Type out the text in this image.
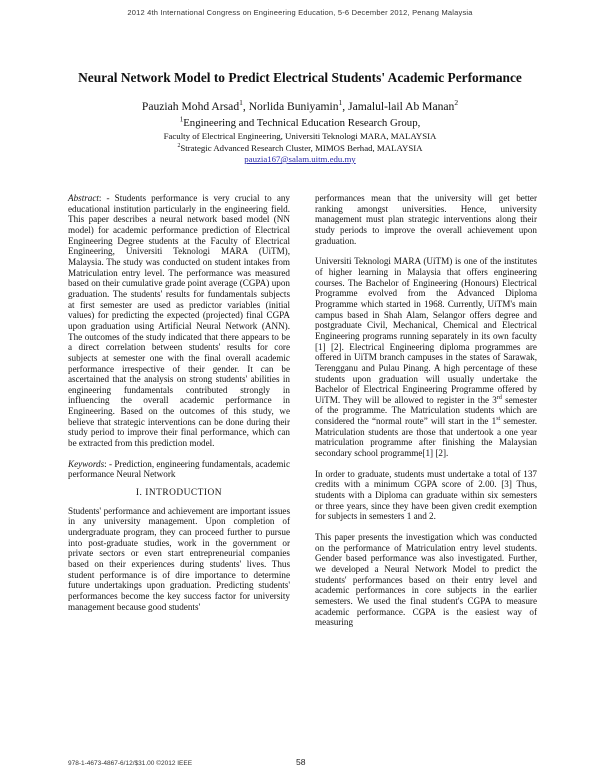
2012 4th International Congress on Engineering Education, 5-6 December 2012, Penang Malaysia
Neural Network Model to Predict Electrical Students' Academic Performance
Pauziah Mohd Arsad$^1$, Norlida Buniyamin$^1$, Jamalul-lail Ab Manan$^2$
$^1$Engineering and Technical Education Research Group,
Faculty of Electrical Engineering, Universiti Teknologi MARA, MALAYSIA
$^2$Strategic Advanced Research Cluster, MIMOS Berhad, MALAYSIA
pauzia167@salam.uitm.edu.my

Abstract: - Students performance is very crucial to any educational institution particularly in the engineering field. This paper describes a neural network based model (NN model) for academic performance prediction of Electrical Engineering Degree students at the Faculty of Electrical Engineering, Universiti Teknologi MARA (UiTM), Malaysia. The study was conducted on student intakes from Matriculation entry level. The performance was measured based on their cumulative grade point average (CGPA) upon graduation. The students' results for fundamentals subjects at first semester are used as predictor variables (initial values) for predicting the expected (projected) final CGPA upon graduation using Artificial Neural Network (ANN). The outcomes of the study indicated that there appears to be a direct correlation between students' results for core subjects at semester one with the final overall academic performance irrespective of their gender. It can be ascertained that the analysis on strong students' abilities in engineering fundamentals contributed strongly in influencing the overall academic performance in Engineering. Based on the outcomes of this study, we believe that strategic interventions can be done during their study period to improve their final performance, which can be extracted from this prediction model.

Keywords: - Prediction, engineering fundamentals, academic performance Neural Network

I. INTRODUCTION

Students' performance and achievement are important issues in any university management. Upon completion of undergraduate program, they can proceed further to pursue into post-graduate studies, work in the government or private sectors or even start entrepreneurial companies based on their experiences during students' lives. Thus student performance is of dire importance to determine future undertakings upon graduation. Predicting students' performances become the key success factor for university management because good students'

performances mean that the university will get better ranking amongst universities. Hence, university management must plan strategic interventions along their study periods to improve the overall achievement upon graduation.

Universiti Teknologi MARA (UiTM) is one of the institutes of higher learning in Malaysia that offers engineering courses. The Bachelor of Engineering (Honours) Electrical Programme evolved from the Advanced Diploma Programme which started in 1968. Currently, UiTM's main campus based in Shah Alam, Selangor offers degree and postgraduate Civil, Mechanical, Chemical and Electrical Engineering programs running separately in its own faculty [1] [2]. Electrical Engineering diploma programmes are offered in UiTM branch campuses in the states of Sarawak, Terengganu and Pulau Pinang. A high percentage of these students upon graduation will usually undertake the Bachelor of Electrical Engineering Programme offered by UiTM. They will be allowed to register in the 3rd semester of the programme. The Matriculation students which are considered the “normal route” will start in the 1st semester. Matriculation students are those that undertook a one year matriculation programme after finishing the Malaysian secondary school programme[1] [2].

In order to graduate, students must undertake a total of 137 credits with a minimum CGPA score of 2.00. [3] Thus, students with a Diploma can graduate within six semesters or three years, since they have been given credit exemption for subjects in semesters 1 and 2.

This paper presents the investigation which was conducted on the performance of Matriculation entry level students. Gender based performance was also investigated. Further, we developed a Neural Network Model to predict the students' performances based on their entry level and academic performances in core subjects in the earlier semesters. We used the final student's CGPA to measure academic performance. CGPA is the easiest way of measuring

978-1-4673-4867-6/12/$31.00 ©2012 IEEE	58
